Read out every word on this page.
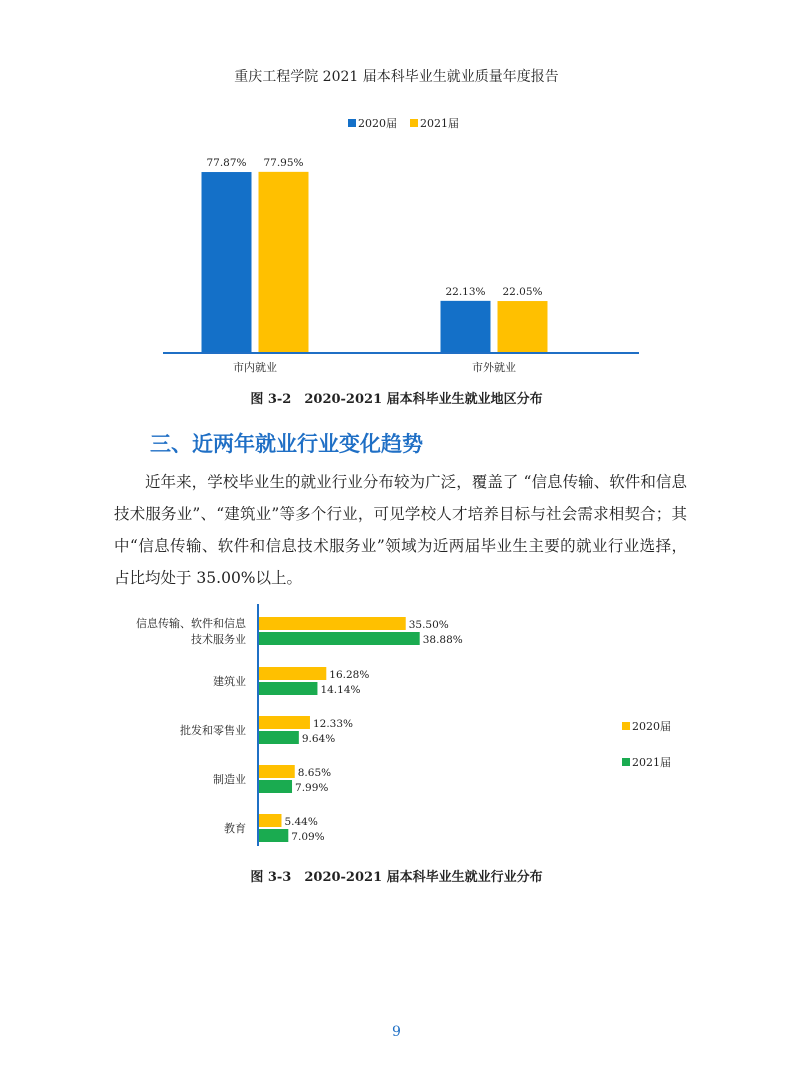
重庆工程学院 2021 届本科毕业生就业质量年度报告
2020届 2021届
77.87%
22.13%
77.95%
22.05%
市内就业	市外就业
图 3-2　2020-2021 届本科毕业生就业地区分布
三、近两年就业行业变化趋势
近年来，学校毕业生的就业行业分布较为广泛，覆盖了 “信息传输、软件和信息技术服务业”、“建筑业”等多个行业，可见学校人才培养目标与社会需求相契合；其中“信息传输、软件和信息技术服务业”领域为近两届毕业生主要的就业行业选择，占比均处于 35.00%以上。
35.50%
16.28%
12.33%
8.65%
5.44%
38.88%
14.14%
9.64%
7.99%
7.09%
信息传输、软件和信息
技术服务业
建筑业
批发和零售业
制造业
教育
2020届
2021届
图 3-3　2020-2021 届本科毕业生就业行业分布
9
